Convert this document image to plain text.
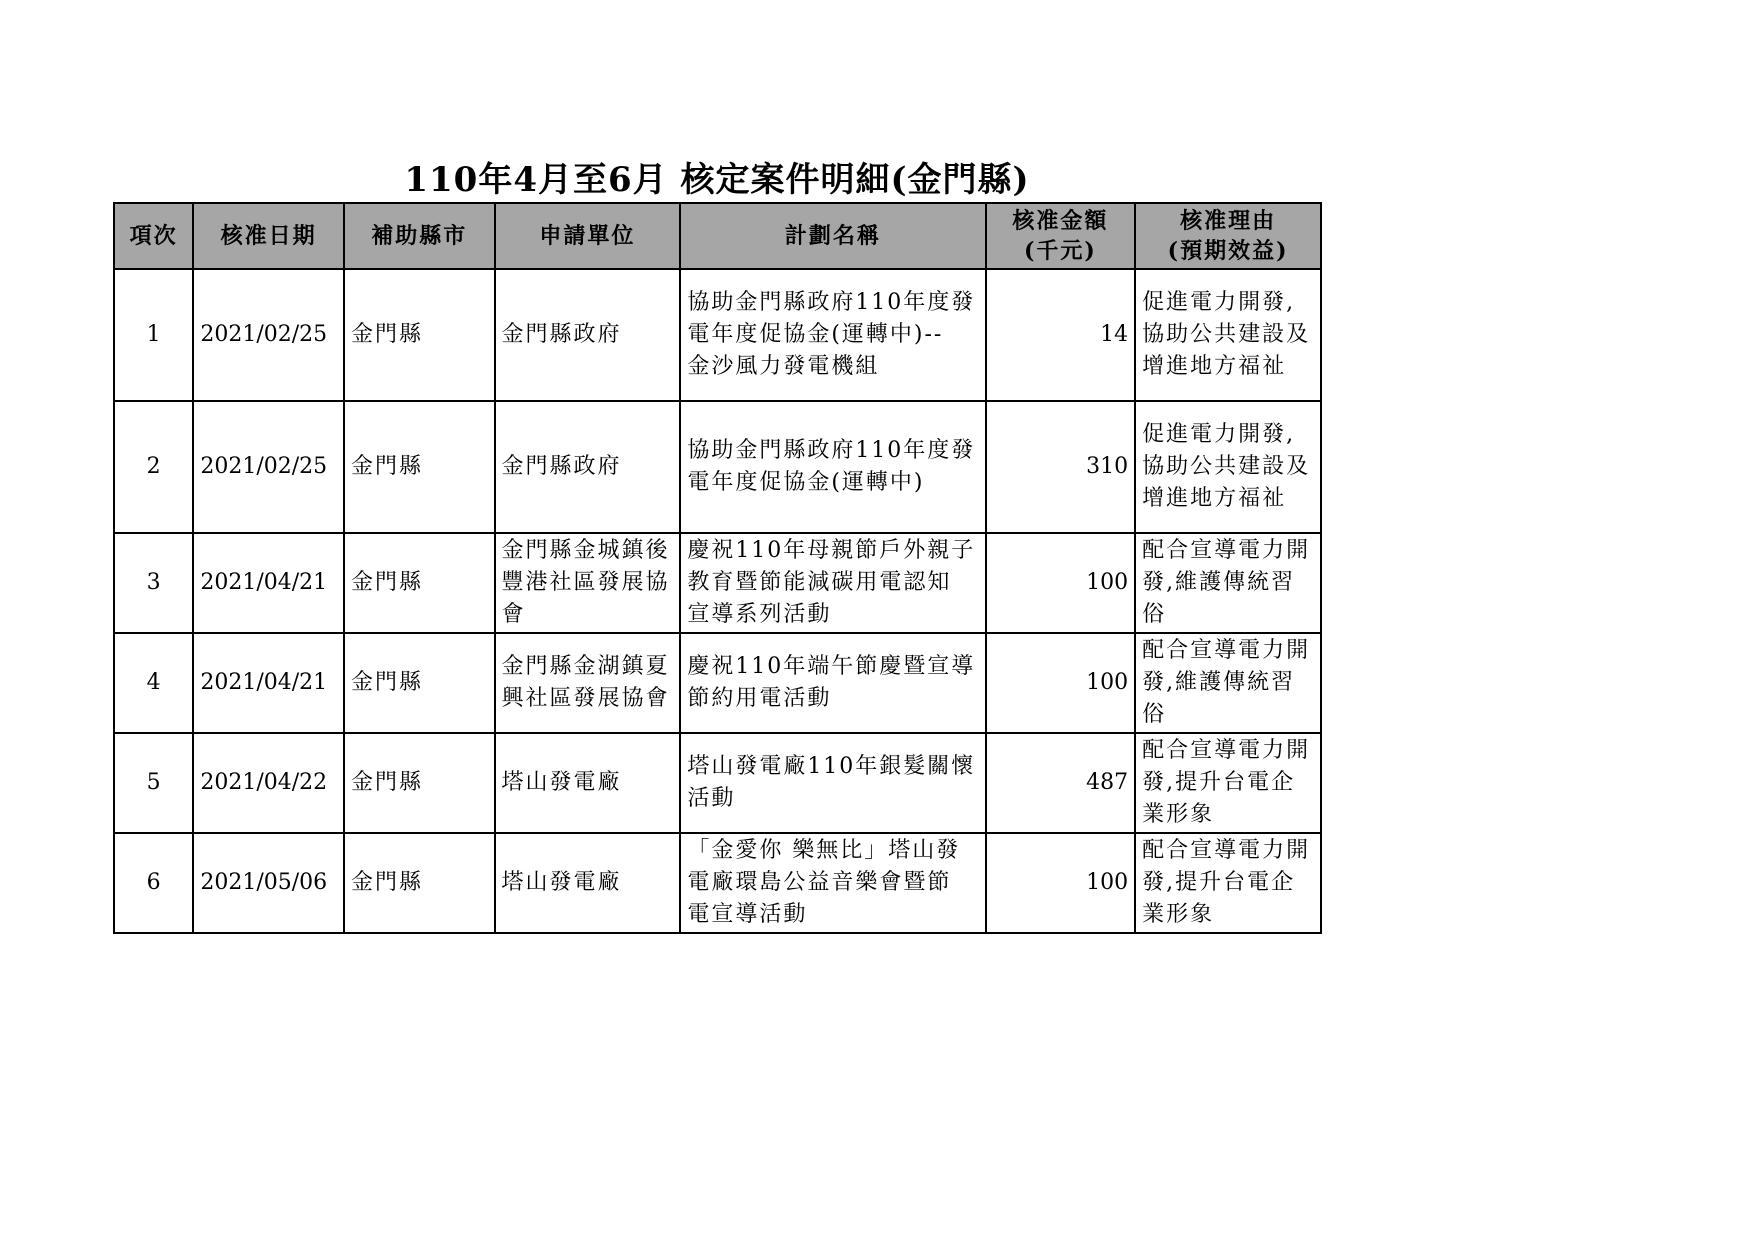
110年4月至6月 核定案件明細(金門縣)
項次	核准日期	補助縣市	申請單位	計劃名稱	核准金額
(千元)	核准理由
(預期效益)

1	2021/02/25	金門縣	金門縣政府	協助金門縣政府110年度發
電年度促協金(運轉中)--
金沙風力發電機組	14	促進電力開發,
協助公共建設及
增進地方福祉

2	2021/02/25	金門縣	金門縣政府	協助金門縣政府110年度發
電年度促協金(運轉中)	310	促進電力開發,
協助公共建設及
增進地方福祉

3	2021/04/21	金門縣	金門縣金城鎮後
豐港社區發展協
會	慶祝110年母親節戶外親子
教育暨節能減碳用電認知
宣導系列活動	100	配合宣導電力開
發,維護傳統習
俗

4	2021/04/21	金門縣	金門縣金湖鎮夏
興社區發展協會	慶祝110年端午節慶暨宣導
節約用電活動	100	配合宣導電力開
發,維護傳統習
俗

5	2021/04/22	金門縣	塔山發電廠	塔山發電廠110年銀髮關懷
活動	487	配合宣導電力開
發,提升台電企
業形象

6	2021/05/06	金門縣	塔山發電廠	「金愛你 樂無比」塔山發
電廠環島公益音樂會暨節
電宣導活動	100	配合宣導電力開
發,提升台電企
業形象
